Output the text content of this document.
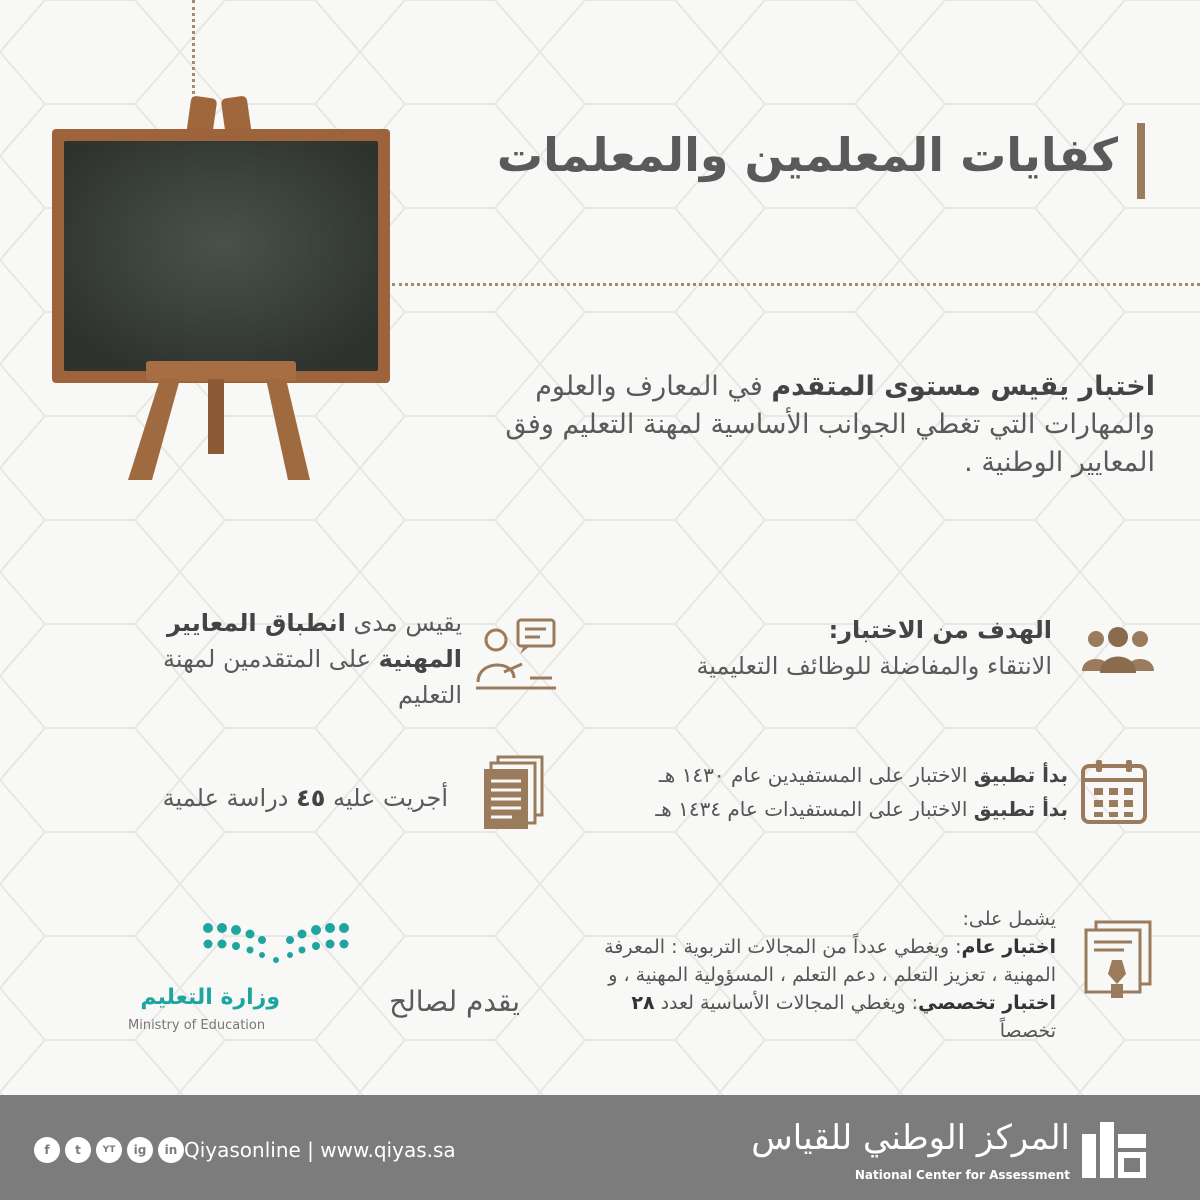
كفايات المعلمين والمعلمات
اختبار يقيس مستوى المتقدم في المعارف والعلوم والمهارات التي تغطي الجوانب الأساسية لمهنة التعليم وفق المعايير الوطنية .
الهدف من الاختبار:
الانتقاء والمفاضلة للوظائف التعليمية
يقيس مدى انطباق المعايير المهنية على المتقدمين لمهنة التعليم
بدأ تطبيق الاختبار على المستفيدين عام ١٤٣٠ هـ
بدأ تطبيق الاختبار على المستفيدات عام ١٤٣٤ هـ
أجريت عليه ٤٥ دراسة علمية
يشمل على:
اختبار عام: ويغطي عدداً من المجالات التربوية : المعرفة المهنية ، تعزيز التعلم ، دعم التعلم ، المسؤولية المهنية ، و اختبار تخصصي: ويغطي المجالات الأساسية لعدد ٢٨ تخصصاً
يقدم لصالح
وزارة التعليم
Ministry of Education
f	t	YT	ig	in Qiyasonline | www.qiyas.sa	المركز الوطني للقياس
National Center for Assessment
